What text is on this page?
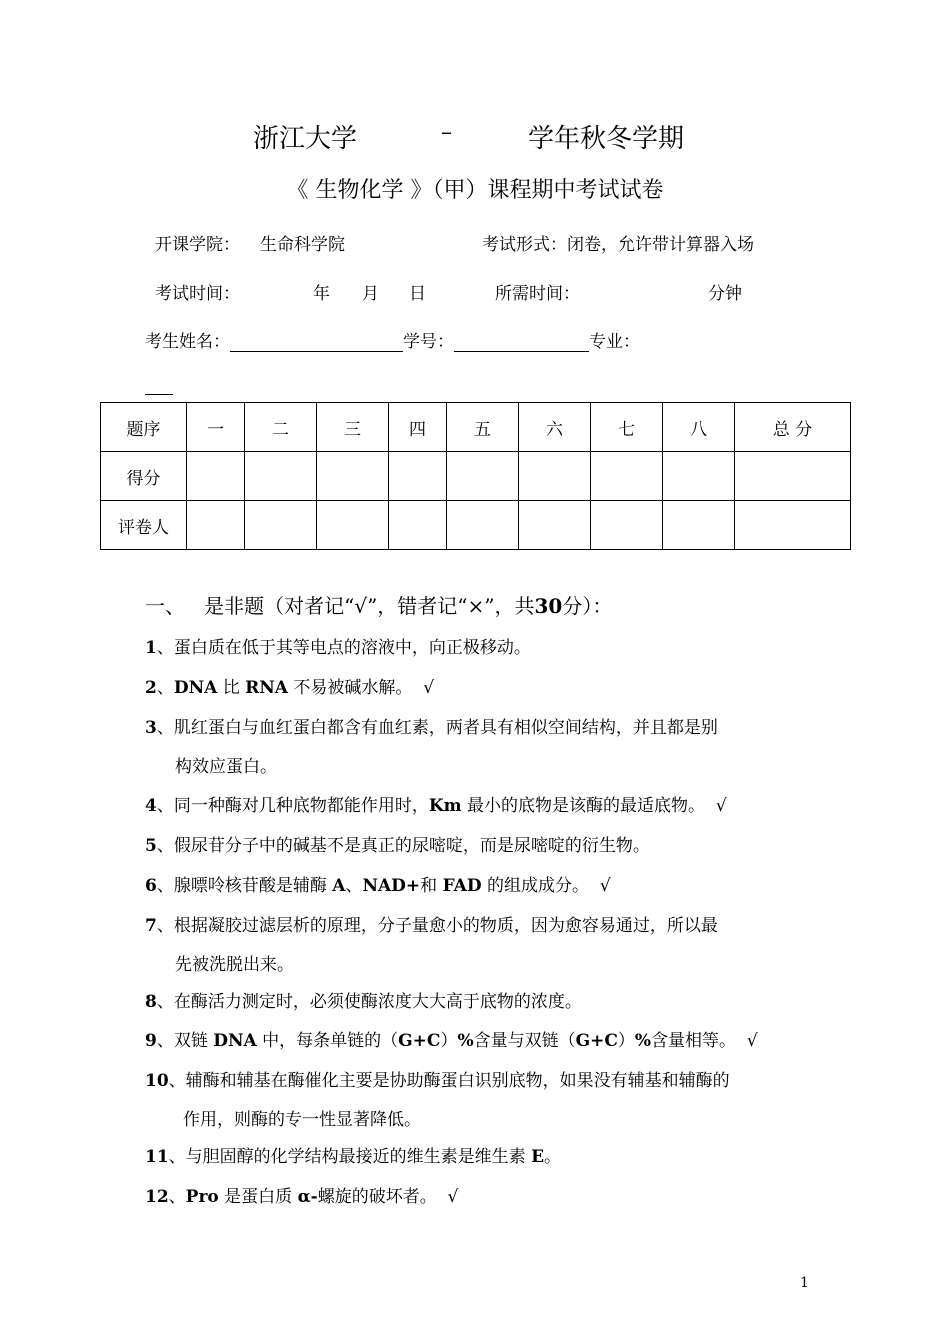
浙江大学	–	学年秋冬学期
《 生物化学 》（甲）课程期中考试试卷
开课学院： 生命科学院	考试形式： 闭卷，允许带计算器入场
考试时间：	年 月 日	所需时间：	分钟
考生姓名：	学号：	专业：
题序	一	二	三	四	五	六	七	八	总 分
得分									
评卷人									
一、 是非题（对者记“√”，错者记“×”，共30分）：
1、蛋白质在低于其等电点的溶液中，向正极移动。
2、DNA 比 RNA 不易被碱水解。 √
3、肌红蛋白与血红蛋白都含有血红素，两者具有相似空间结构，并且都是别
构效应蛋白。
4、同一种酶对几种底物都能作用时，Km 最小的底物是该酶的最适底物。 √
5、假尿苷分子中的碱基不是真正的尿嘧啶，而是尿嘧啶的衍生物。
6、腺嘌呤核苷酸是辅酶 A、NAD+和 FAD 的组成成分。 √
7、根据凝胶过滤层析的原理，分子量愈小的物质，因为愈容易通过，所以最
先被洗脱出来。
8、在酶活力测定时，必须使酶浓度大大高于底物的浓度。
9、双链 DNA 中，每条单链的（G+C）%含量与双链（G+C）%含量相等。 √
10、辅酶和辅基在酶催化主要是协助酶蛋白识别底物，如果没有辅基和辅酶的
作用，则酶的专一性显著降低。
11、与胆固醇的化学结构最接近的维生素是维生素 E。
12、Pro 是蛋白质 α-螺旋的破坏者。 √
1
